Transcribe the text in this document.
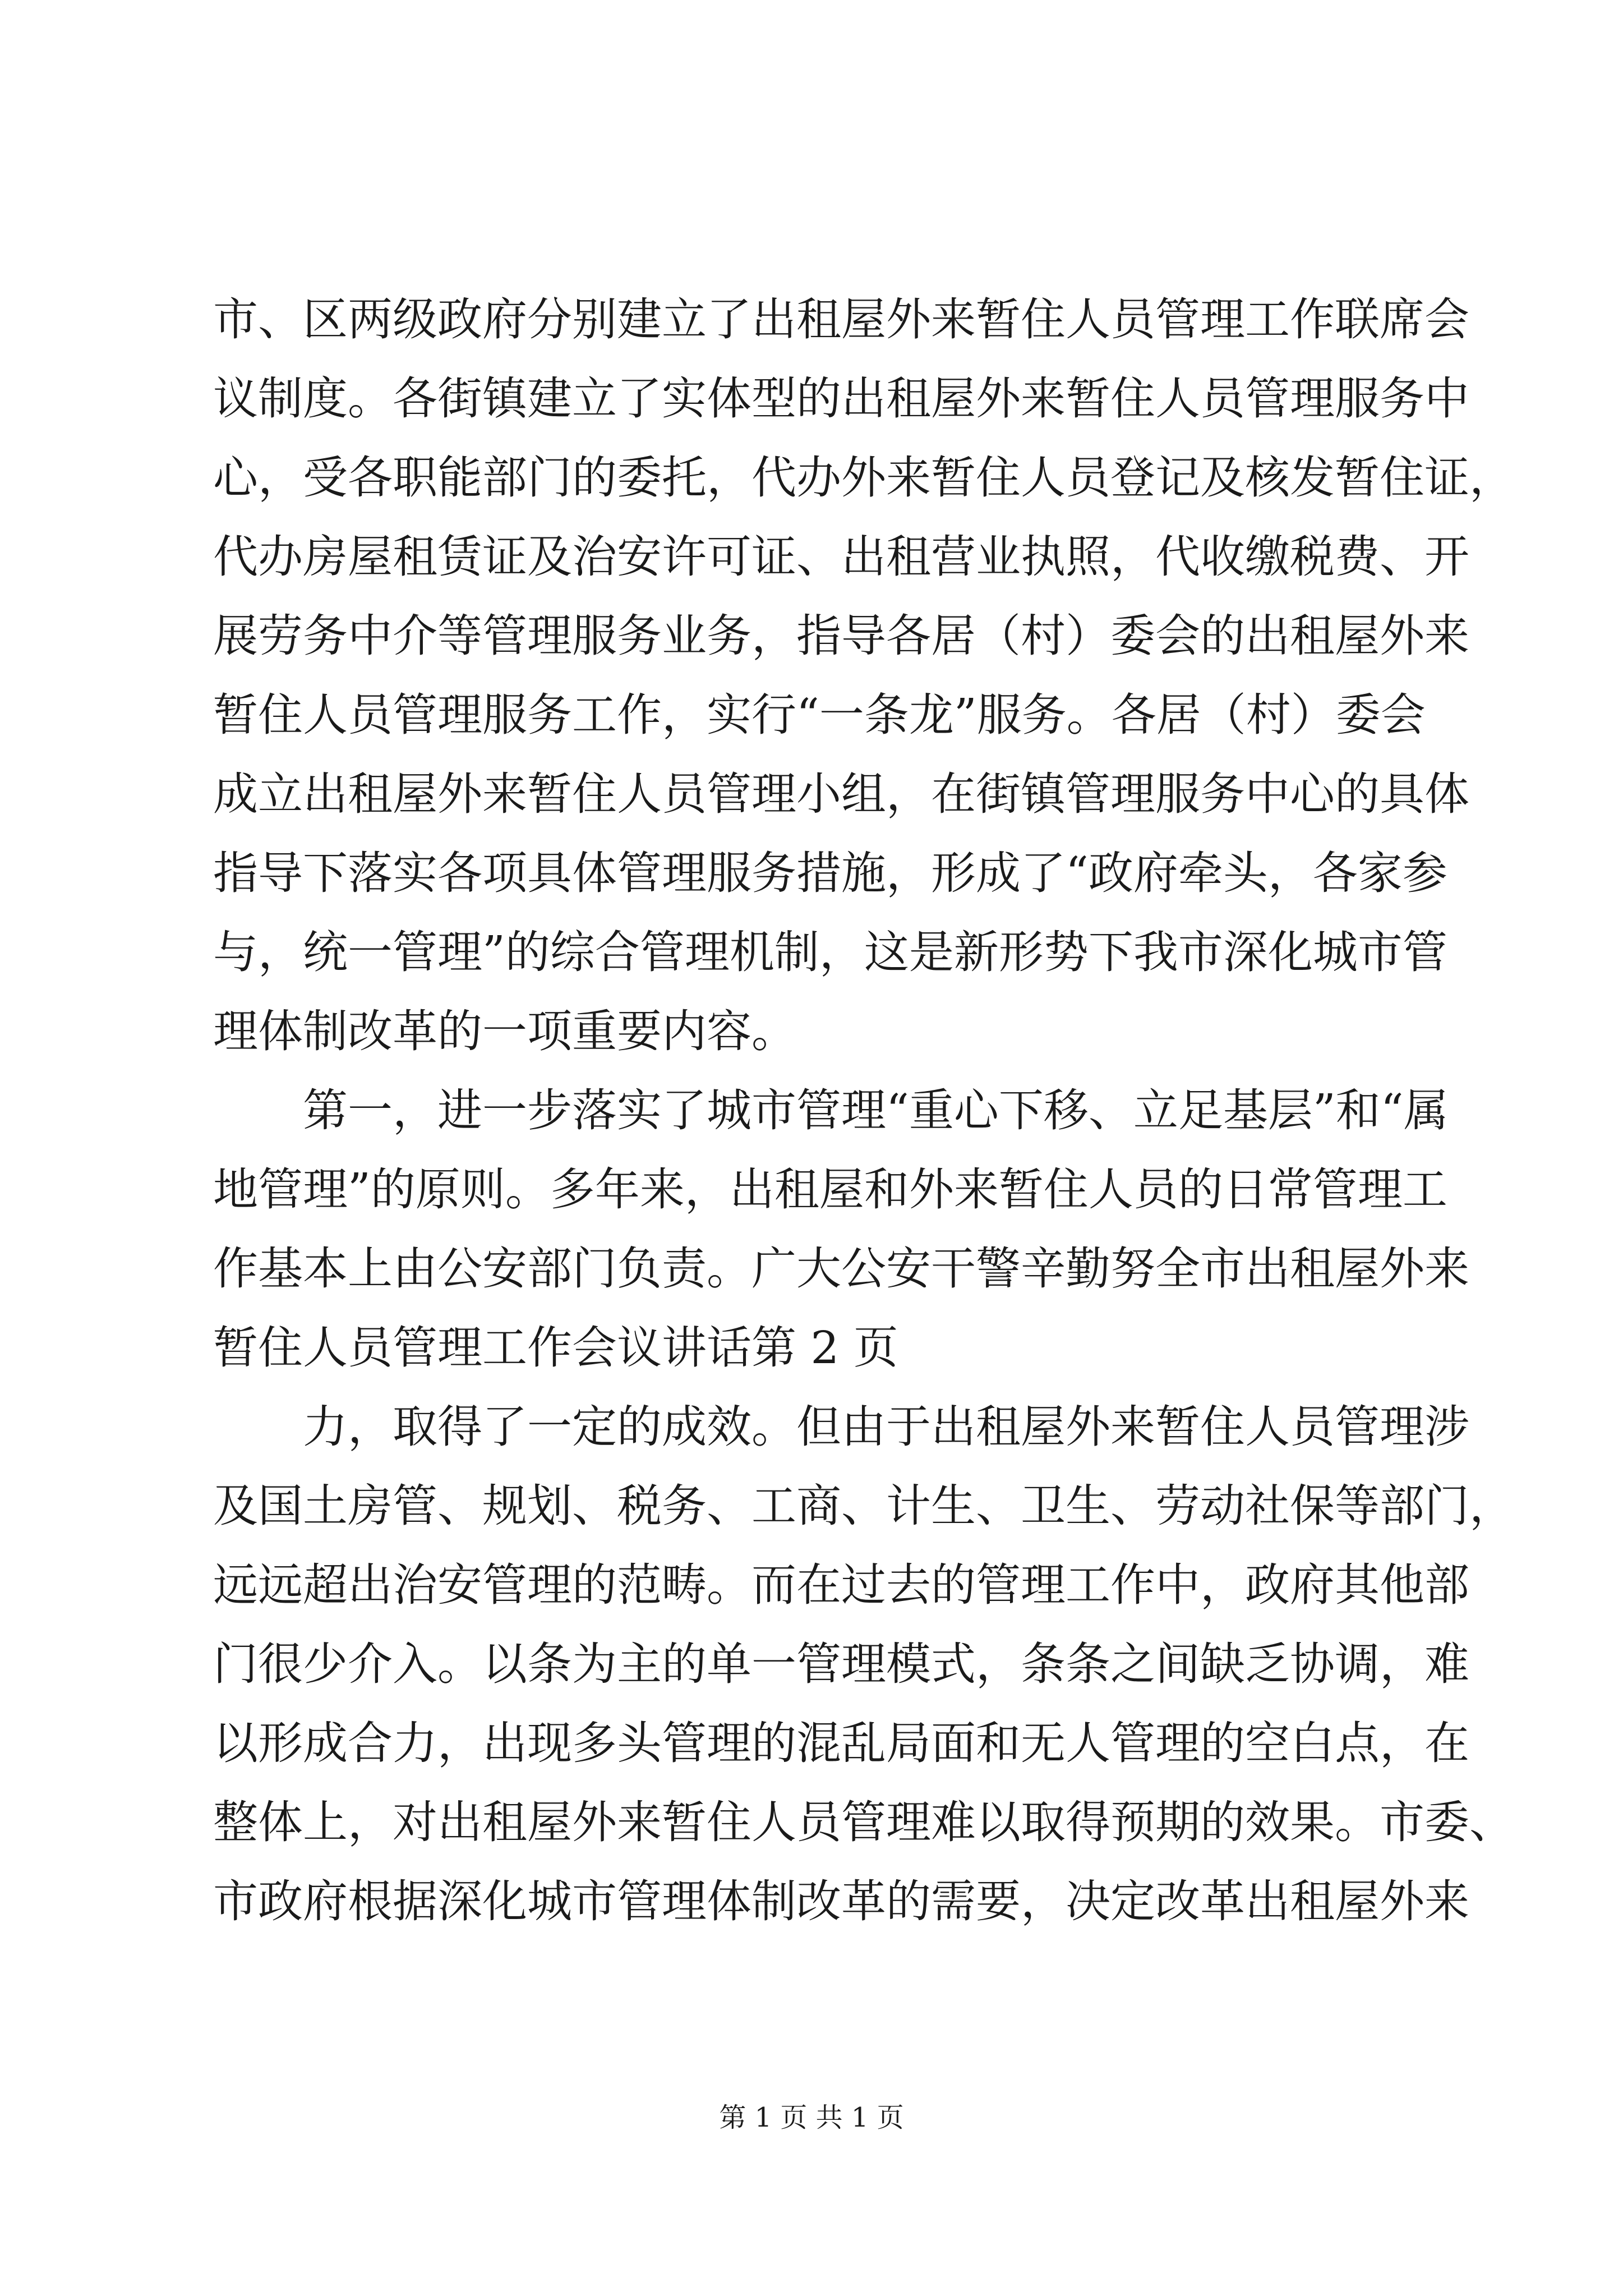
市、区两级政府分别建立了出租屋外来暂住人员管理工作联席会
议制度。各街镇建立了实体型的出租屋外来暂住人员管理服务中
心，受各职能部门的委托，代办外来暂住人员登记及核发暂住证，
代办房屋租赁证及治安许可证、出租营业执照，代收缴税费、开
展劳务中介等管理服务业务，指导各居（村）委会的出租屋外来
暂住人员管理服务工作，实行“一条龙”服务。各居（村）委会
成立出租屋外来暂住人员管理小组，在街镇管理服务中心的具体
指导下落实各项具体管理服务措施，形成了“政府牵头，各家参
与，统一管理”的综合管理机制，这是新形势下我市深化城市管
理体制改革的一项重要内容。
第一，进一步落实了城市管理“重心下移、立足基层”和“属
地管理”的原则。多年来，出租屋和外来暂住人员的日常管理工
作基本上由公安部门负责。广大公安干警辛勤努全市出租屋外来
暂住人员管理工作会议讲话第 2 页
力，取得了一定的成效。但由于出租屋外来暂住人员管理涉
及国土房管、规划、税务、工商、计生、卫生、劳动社保等部门，
远远超出治安管理的范畴。而在过去的管理工作中，政府其他部
门很少介入。以条为主的单一管理模式，条条之间缺乏协调，难
以形成合力，出现多头管理的混乱局面和无人管理的空白点，在
整体上，对出租屋外来暂住人员管理难以取得预期的效果。市委、
市政府根据深化城市管理体制改革的需要，决定改革出租屋外来
第 1 页 共 1 页
